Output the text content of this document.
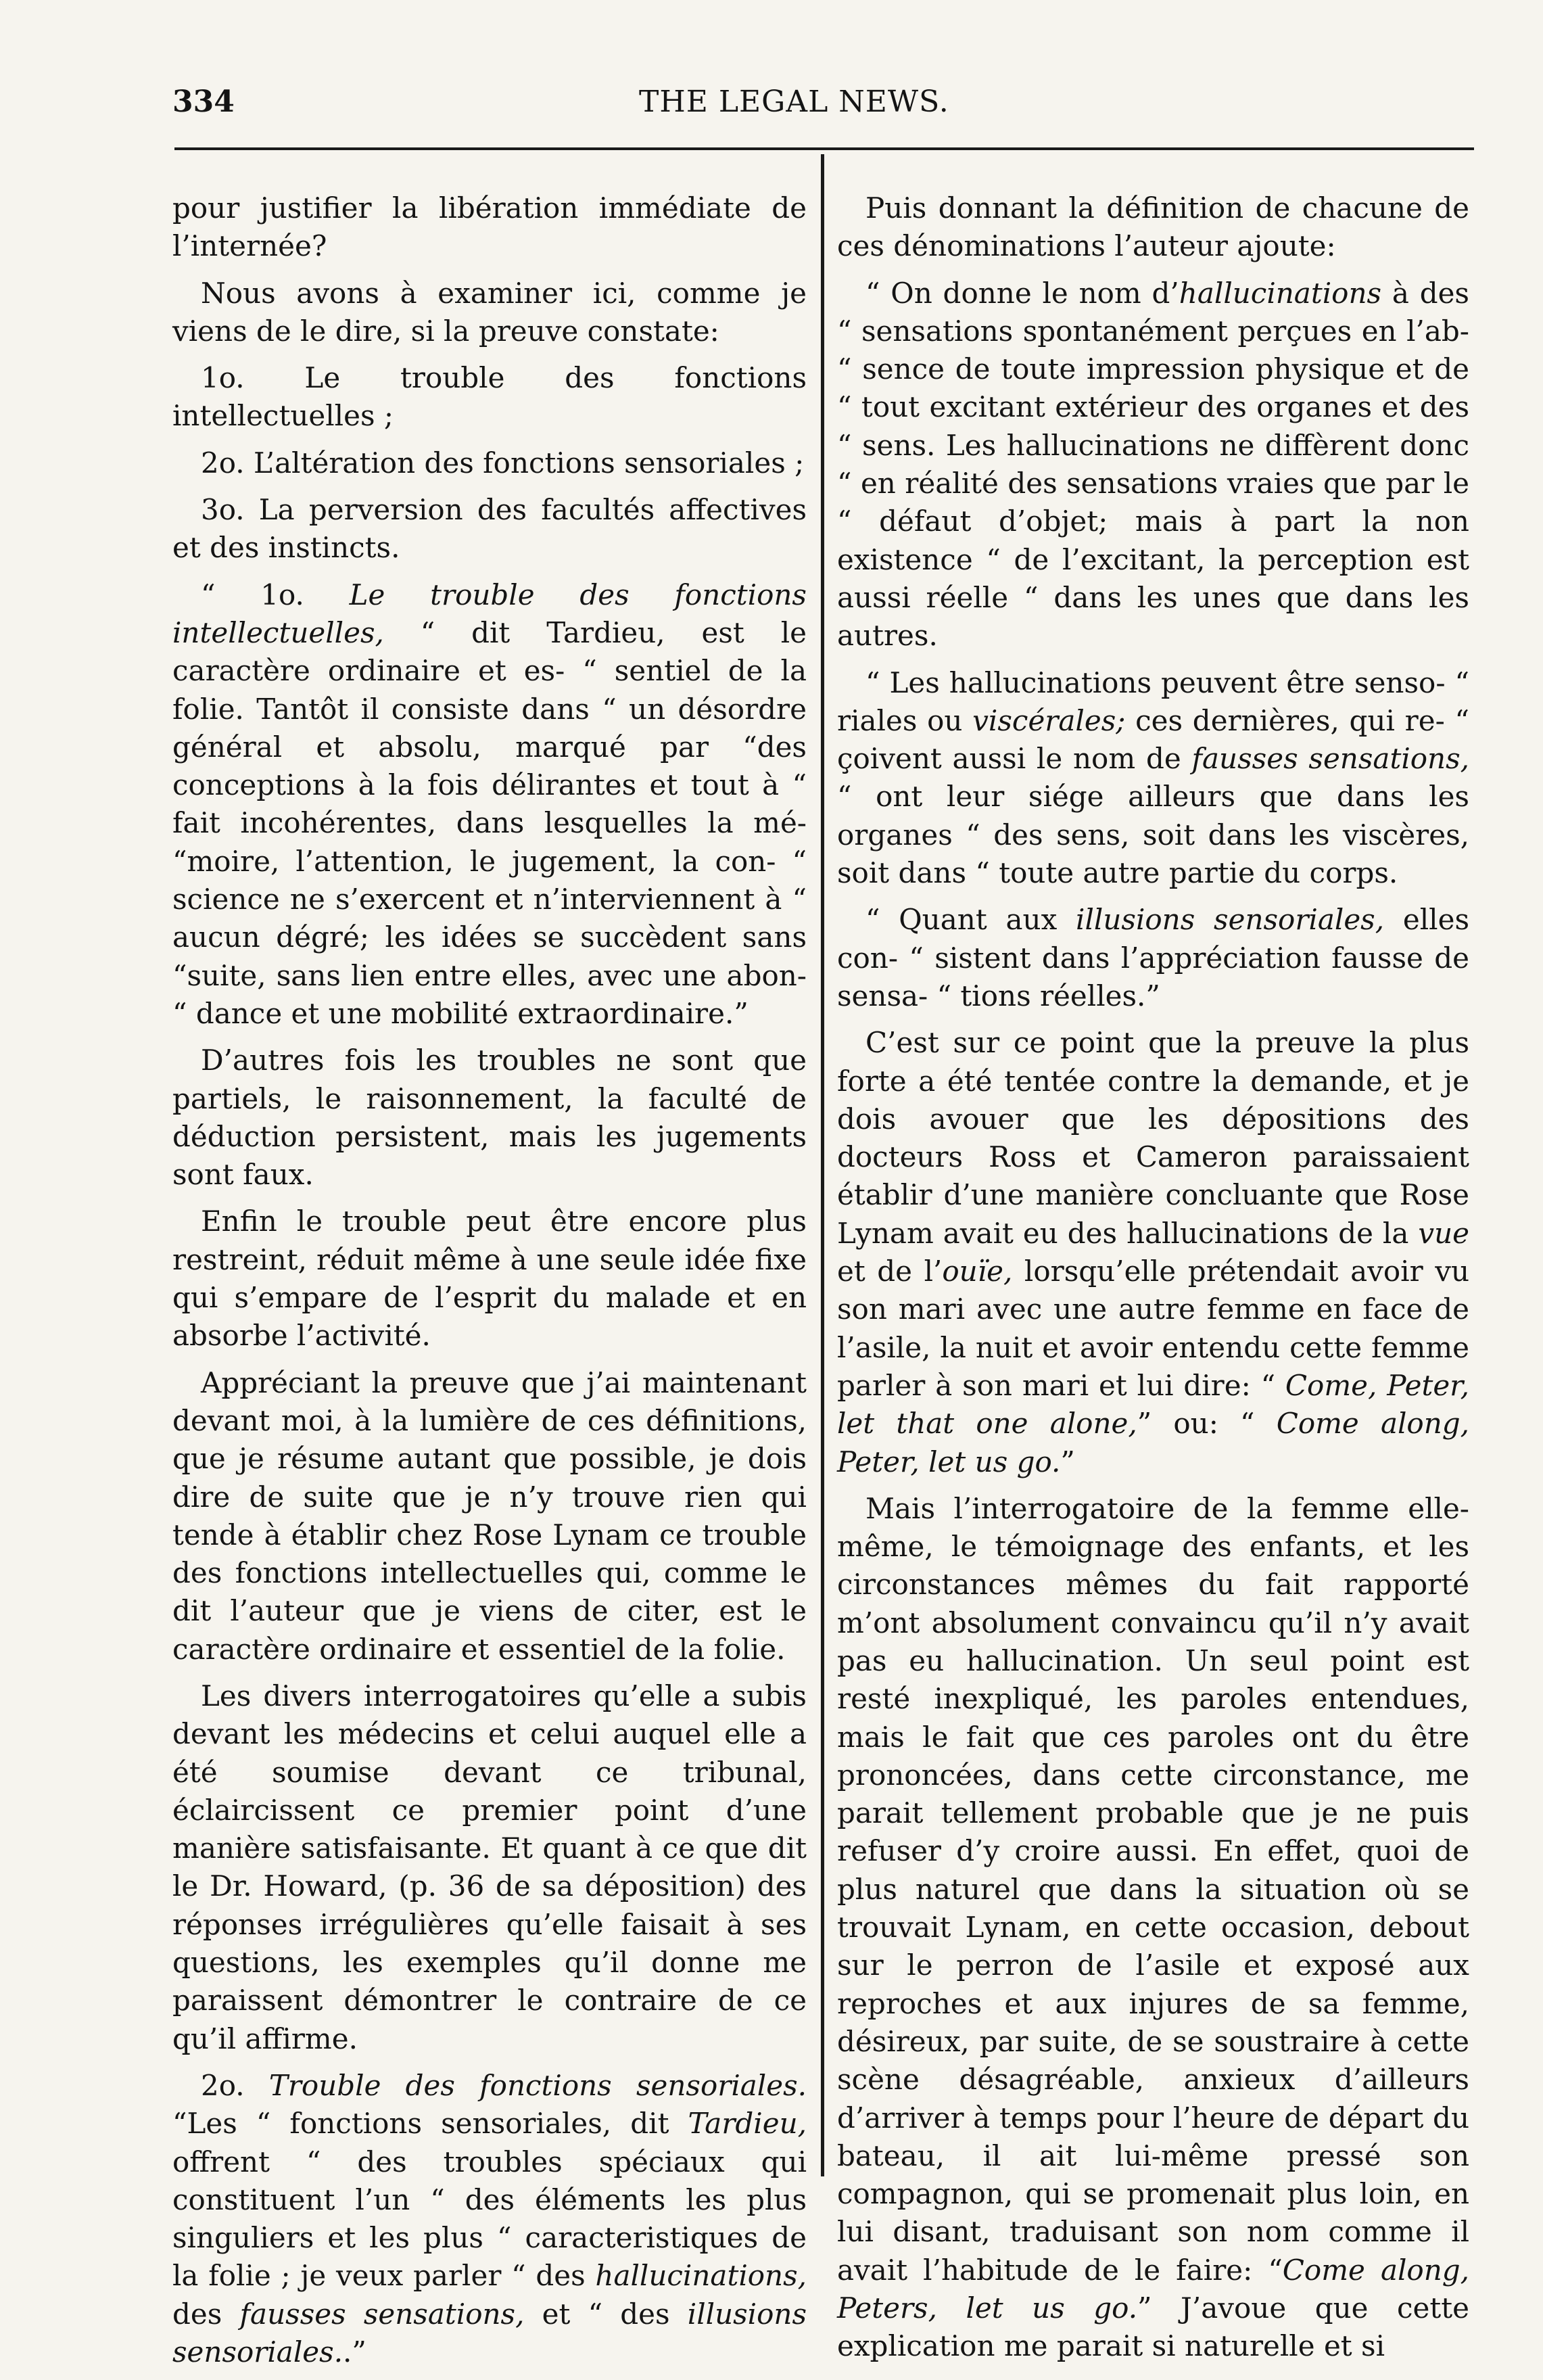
334	THE LEGAL NEWS.

pour justifier la libération immédiate de l’internée?

Nous avons à examiner ici, comme je viens de le dire, si la preuve constate:

1o. Le trouble des fonctions intellectuelles ;

2o. L’altération des fonctions sensoriales ;

3o. La perversion des facultés affectives et des instincts.

“ 1o. Le trouble des fonctions intellectuelles, “ dit Tardieu, est le caractère ordinaire et es- “ sentiel de la folie. Tantôt il consiste dans “ un désordre général et absolu, marqué par “des conceptions à la fois délirantes et tout à “ fait incohérentes, dans lesquelles la mé- “moire, l’attention, le jugement, la con- “ science ne s’exercent et n’interviennent à “ aucun dégré; les idées se succèdent sans “suite, sans lien entre elles, avec une abon- “ dance et une mobilité extraordinaire.”

D’autres fois les troubles ne sont que partiels, le raisonnement, la faculté de déduction persistent, mais les jugements sont faux.

Enfin le trouble peut être encore plus restreint, réduit même à une seule idée fixe qui s’empare de l’esprit du malade et en absorbe l’activité.

Appréciant la preuve que j’ai maintenant devant moi, à la lumière de ces définitions, que je résume autant que possible, je dois dire de suite que je n’y trouve rien qui tende à établir chez Rose Lynam ce trouble des fonctions intellectuelles qui, comme le dit l’auteur que je viens de citer, est le caractère ordinaire et essentiel de la folie.

Les divers interrogatoires qu’elle a subis devant les médecins et celui auquel elle a été soumise devant ce tribunal, éclaircissent ce premier point d’une manière satisfaisante. Et quant à ce que dit le Dr. Howard, (p. 36 de sa déposition) des réponses irrégulières qu’elle faisait à ses questions, les exemples qu’il donne me paraissent démontrer le contraire de ce qu’il affirme.

2o. Trouble des fonctions sensoriales. “Les “ fonctions sensoriales, dit Tardieu, offrent “ des troubles spéciaux qui constituent l’un “ des éléments les plus singuliers et les plus “ caracteristiques de la folie ; je veux parler “ des hallucinations, des fausses sensations, et “ des illusions sensoriales..”

Puis donnant la définition de chacune de ces dénominations l’auteur ajoute:

“ On donne le nom d’hallucinations à des “ sensations spontanément perçues en l’ab- “ sence de toute impression physique et de “ tout excitant extérieur des organes et des “ sens. Les hallucinations ne diffèrent donc “ en réalité des sensations vraies que par le “ défaut d’objet; mais à part la non existence “ de l’excitant, la perception est aussi réelle “ dans les unes que dans les autres.

“ Les hallucinations peuvent être senso- “ riales ou viscérales; ces dernières, qui re- “ çoivent aussi le nom de fausses sensations, “ ont leur siége ailleurs que dans les organes “ des sens, soit dans les viscères, soit dans “ toute autre partie du corps.

“ Quant aux illusions sensoriales, elles con- “ sistent dans l’appréciation fausse de sensa- “ tions réelles.”

C’est sur ce point que la preuve la plus forte a été tentée contre la demande, et je dois avouer que les dépositions des docteurs Ross et Cameron paraissaient établir d’une manière concluante que Rose Lynam avait eu des hallucinations de la vue et de l’ouïe, lorsqu’elle prétendait avoir vu son mari avec une autre femme en face de l’asile, la nuit et avoir entendu cette femme parler à son mari et lui dire: “ Come, Peter, let that one alone,” ou: “ Come along, Peter, let us go.”

Mais l’interrogatoire de la femme elle-même, le témoignage des enfants, et les circonstances mêmes du fait rapporté m’ont absolument convaincu qu’il n’y avait pas eu hallucination. Un seul point est resté inexpliqué, les paroles entendues, mais le fait que ces paroles ont du être prononcées, dans cette circonstance, me parait tellement probable que je ne puis refuser d’y croire aussi. En effet, quoi de plus naturel que dans la situation où se trouvait Lynam, en cette occasion, debout sur le perron de l’asile et exposé aux reproches et aux injures de sa femme, désireux, par suite, de se soustraire à cette scène désagréable, anxieux d’ailleurs d’arriver à temps pour l’heure de départ du bateau, il ait lui-même pressé son compagnon, qui se promenait plus loin, en lui disant, traduisant son nom comme il avait l’habitude de le faire: “Come along, Peters, let us go.” J’avoue que cette explication me parait si naturelle et si
